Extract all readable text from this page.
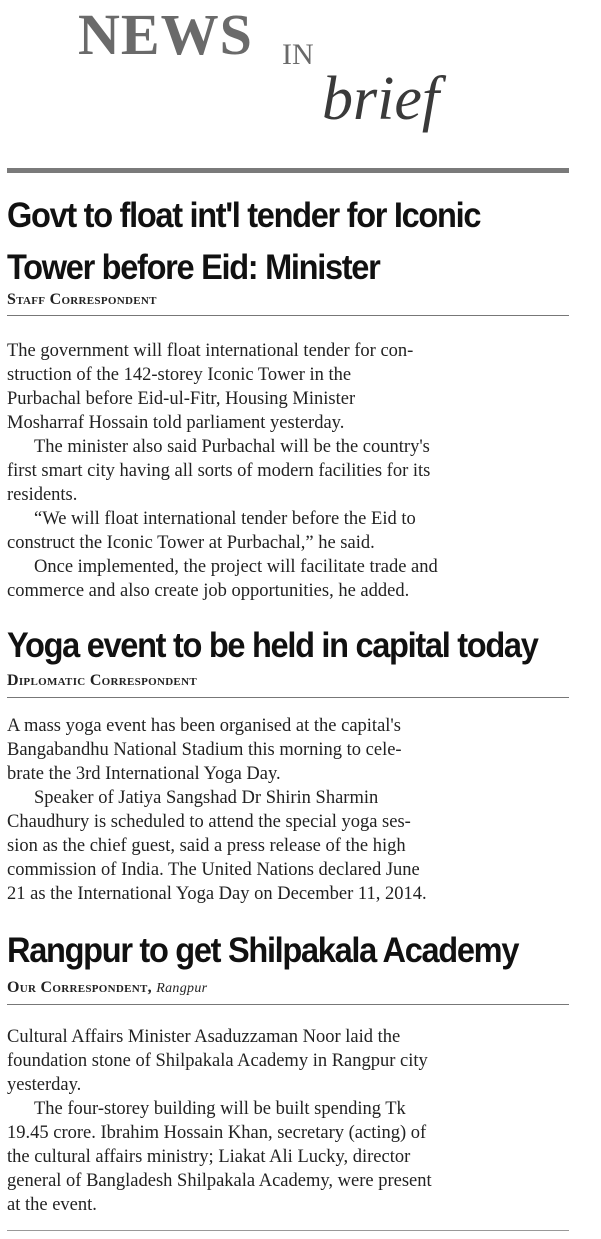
NEWS IN
brief
Govt to float int'l tender for Iconic
Tower before Eid: Minister
Staff Correspondent

The government will float international tender for con-
struction of the 142-storey Iconic Tower in the
Purbachal before Eid-ul-Fitr, Housing Minister
Mosharraf Hossain told parliament yesterday.

The minister also said Purbachal will be the country's
first smart city having all sorts of modern facilities for its
residents.

“We will float international tender before the Eid to
construct the Iconic Tower at Purbachal,” he said.

Once implemented, the project will facilitate trade and
commerce and also create job opportunities, he added.

Yoga event to be held in capital today
Diplomatic Correspondent

A mass yoga event has been organised at the capital's
Bangabandhu National Stadium this morning to cele-
brate the 3rd International Yoga Day.

Speaker of Jatiya Sangshad Dr Shirin Sharmin
Chaudhury is scheduled to attend the special yoga ses-
sion as the chief guest, said a press release of the high
commission of India. The United Nations declared June
21 as the International Yoga Day on December 11, 2014.

Rangpur to get Shilpakala Academy
Our Correspondent, Rangpur

Cultural Affairs Minister Asaduzzaman Noor laid the
foundation stone of Shilpakala Academy in Rangpur city
yesterday.

The four-storey building will be built spending Tk
19.45 crore. Ibrahim Hossain Khan, secretary (acting) of
the cultural affairs ministry; Liakat Ali Lucky, director
general of Bangladesh Shilpakala Academy, were present
at the event.
